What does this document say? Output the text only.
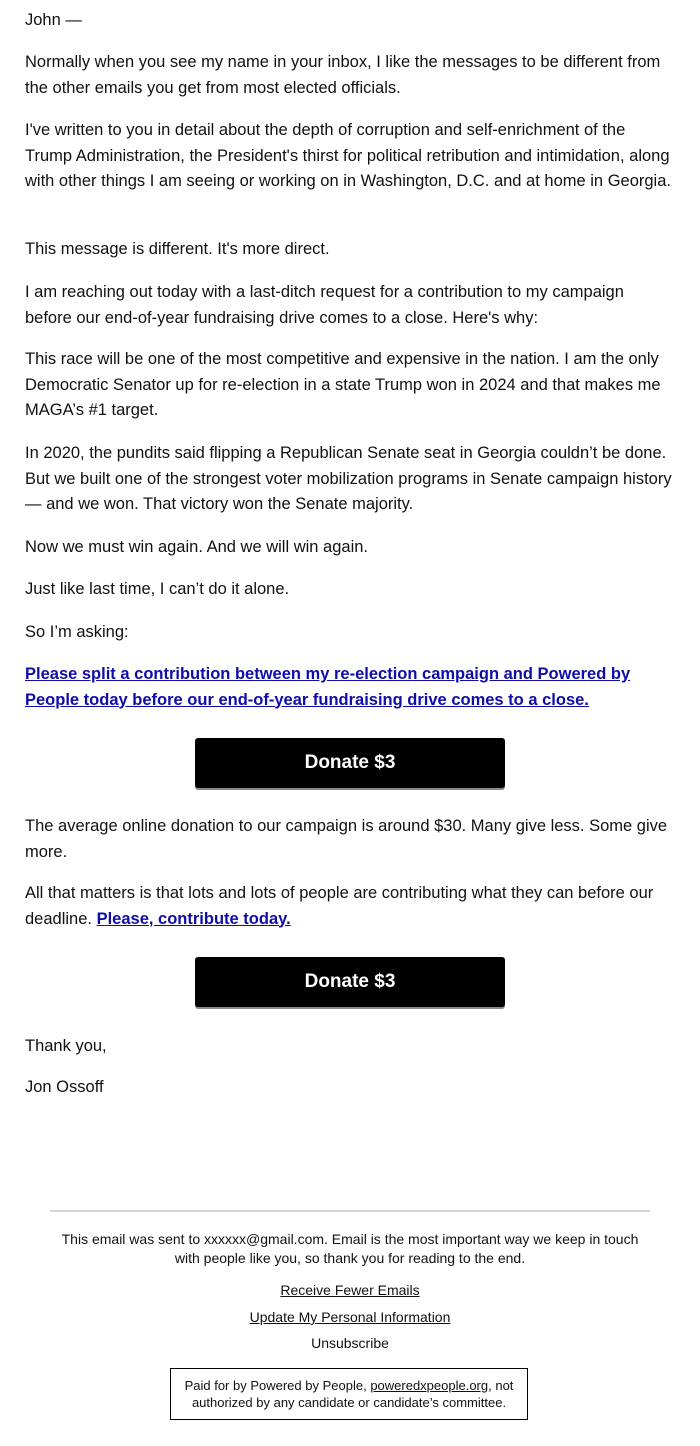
John —

Normally when you see my name in your inbox, I like the messages to be different from the other emails you get from most elected officials.

I've written to you in detail about the depth of corruption and self-enrichment of the Trump Administration, the President's thirst for political retribution and intimidation, along with other things I am seeing or working on in Washington, D.C. and at home in Georgia.

This message is different. It's more direct.

I am reaching out today with a last-ditch request for a contribution to my campaign before our end-of-year fundraising drive comes to a close. Here's why:

This race will be one of the most competitive and expensive in the nation. I am the only Democratic Senator up for re-election in a state Trump won in 2024 and that makes me MAGA’s #1 target.

In 2020, the pundits said flipping a Republican Senate seat in Georgia couldn’t be done. But we built one of the strongest voter mobilization programs in Senate campaign history — and we won. That victory won the Senate majority.

Now we must win again. And we will win again.

Just like last time, I can’t do it alone.

So I’m asking:

Please split a contribution between my re-election campaign and Powered by People today before our end-of-year fundraising drive comes to a close.

Donate $3

The average online donation to our campaign is around $30. Many give less. Some give more.

All that matters is that lots and lots of people are contributing what they can before our deadline. Please, contribute today.

Donate $3

Thank you,

Jon Ossoff

This email was sent to xxxxxx@gmail.com. Email is the most important way we keep in touch with people like you, so thank you for reading to the end.

Receive Fewer Emails

Update My Personal Information

Unsubscribe

Paid for by Powered by People, poweredxpeople.org, not authorized by any candidate or candidate’s committee.
